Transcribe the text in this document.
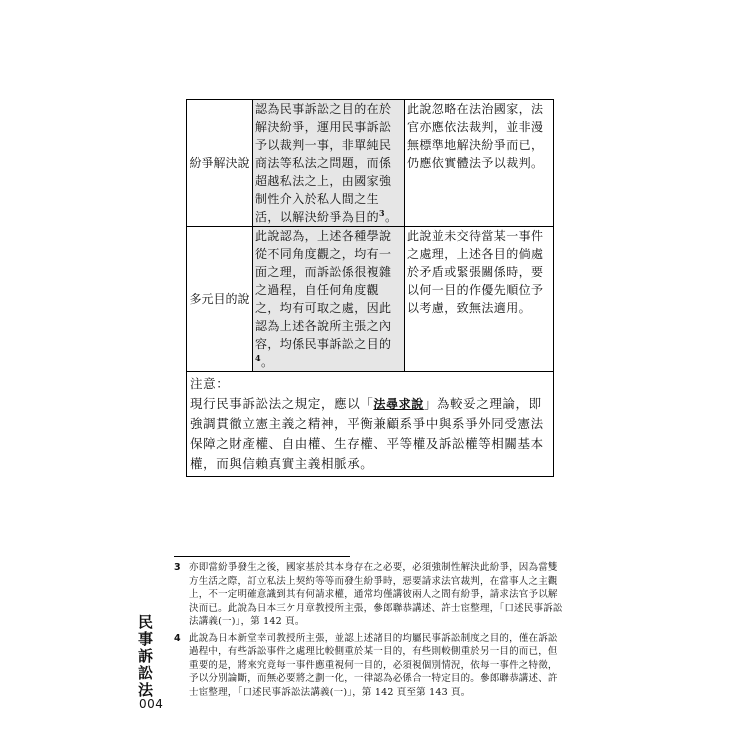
紛爭解決說	認為民事訴訟之目的在於解決紛爭，運用民事訴訟予以裁判一事，非單純民商法等私法之問題，而係超越私法之上，由國家強制性介入於私人間之生活，以解決紛爭為目的$^3$。	此說忽略在法治國家，法官亦應依法裁判，並非漫無標準地解決紛爭而已，仍應依實體法予以裁判。
多元目的說	此說認為，上述各種學說從不同角度觀之，均有一面之理，而訴訟係很複雜之過程，自任何角度觀之，均有可取之處，因此認為上述各說所主張之內容，均係民事訴訟之目的$^4$。	此說並未交待當某一事件之處理，上述各目的倘處於矛盾或緊張關係時，要以何一目的作優先順位予以考慮，致無法適用。

注意：
現行民事訴訟法之規定，應以「法尋求說」為較妥之理論，即強調貫徹立憲主義之精神，平衡兼顧系爭中與系爭外同受憲法保障之財產權、自由權、生存權、平等權及訴訟權等相關基本權，而與信賴真實主義相脈承。		
3 亦即當紛爭發生之後，國家基於其本身存在之必要，必須強制性解決此紛爭，因為當雙方生活之際，訂立私法上契約等等而發生紛爭時，惡要請求法官裁判，在當事人之主觀上，不一定明確意識到其有何請求權，通常均僅講彼兩人之間有紛爭，請求法官予以解決而已。此說為日本三ケ月章教授所主張，參郎聯恭講述、許士宦整理，「口述民事訴訟法講義(一)」，第 142 頁。
4 此說為日本新堂幸司教授所主張，並認上述諸目的均屬民事訴訟制度之目的，僅在訴訟過程中，有些訴訟事件之處理比較側重於某一目的，有些則較側重於另一目的而已，但重要的是，將來究竟每一事件應重視何一目的，必須視個別情況，依每一事件之特徵，予以分別論斷，而無必要將之劃一化，一律認為必係合一特定目的。參郎聯恭講述、許士宦整理，「口述民事訴訟法講義(一)」，第 142 頁至第 143 頁。
民事訴訟法
004
